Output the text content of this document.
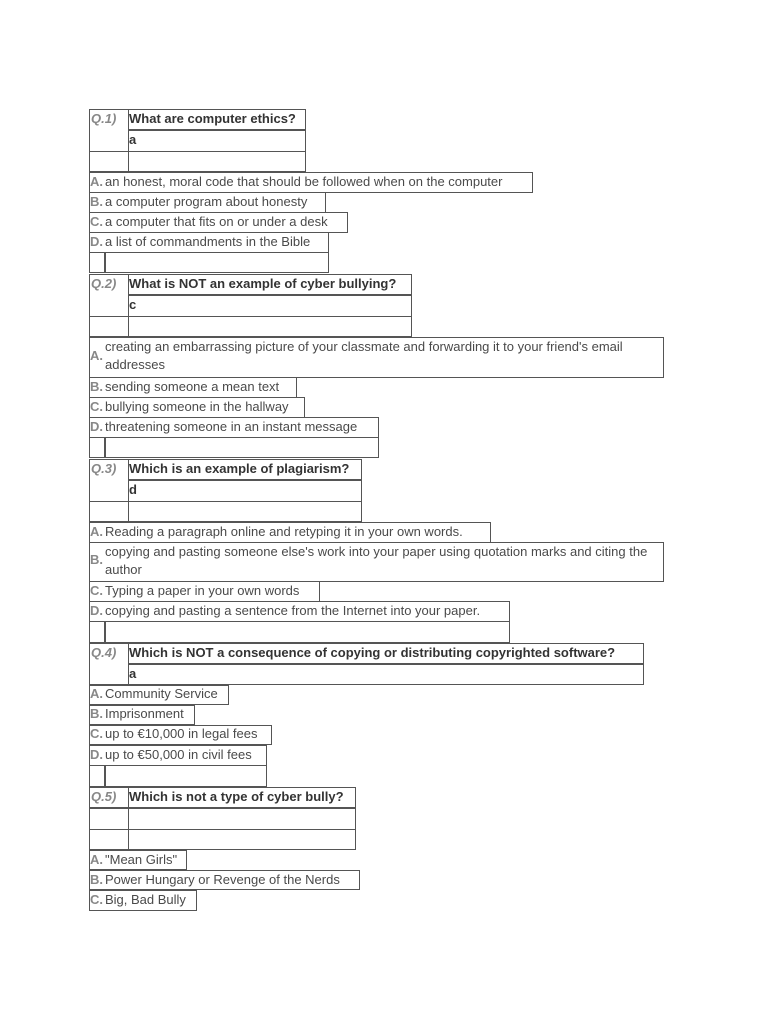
Q.1) What are computer ethics?
a
A. an honest, moral code that should be followed when on the computer
B. a computer program about honesty
C. a computer that fits on or under a desk
D. a list of commandments in the Bible
Q.2) What is NOT an example of cyber bullying?
c
A.
creating an embarrassing picture of your classmate and forwarding it to your friend's email addresses
B. sending someone a mean text
C. bullying someone in the hallway
D. threatening someone in an instant message
Q.3) Which is an example of plagiarism?
d
A. Reading a paragraph online and retyping it in your own words.
B.
copying and pasting someone else's work into your paper using quotation marks and citing the author
C. Typing a paper in your own words
D. copying and pasting a sentence from the Internet into your paper.
Q.4) Which is NOT a consequence of copying or distributing copyrighted software?
a
A. Community Service
B. Imprisonment
C. up to €10,000 in legal fees
D. up to €50,000 in civil fees
Q.5) Which is not a type of cyber bully?
A. "Mean Girls"
B. Power Hungary or Revenge of the Nerds
C. Big, Bad Bully
